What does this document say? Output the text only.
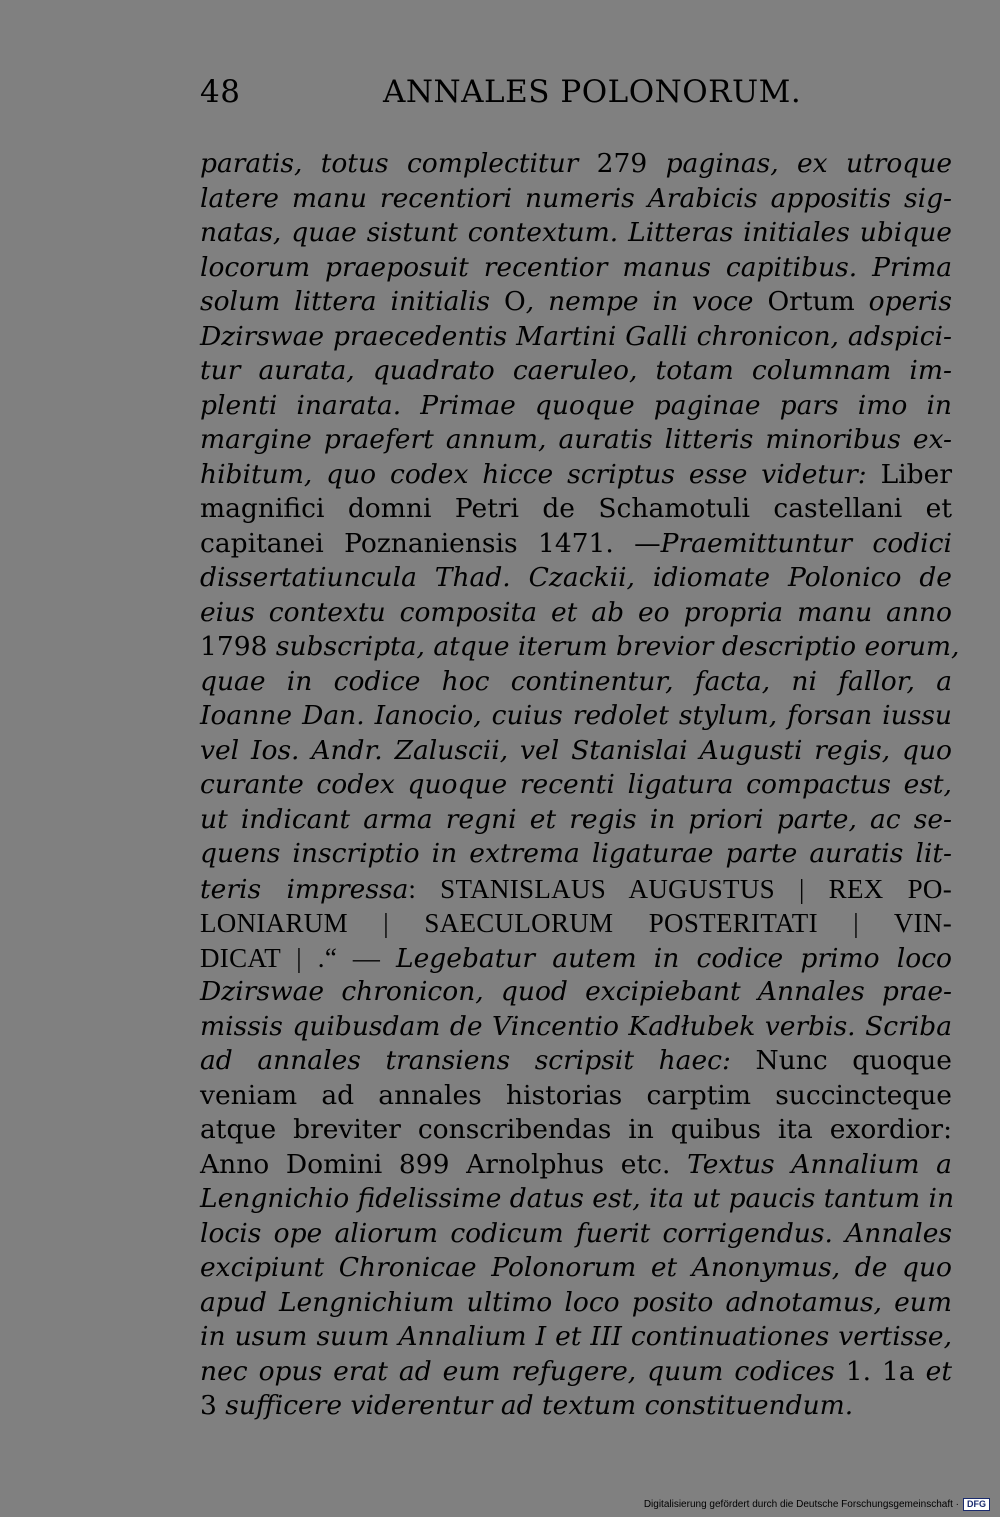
48	ANNALES POLONORUM.
paratis, totus complectitur 279 paginas, ex utroque
latere manu recentiori numeris Arabicis appositis sig-
natas, quae sistunt contextum. Litteras initiales ubique
locorum praeposuit recentior manus capitibus. Prima
solum littera initialis O, nempe in voce Ortum operis
Dzirswae praecedentis Martini Galli chronicon, adspici-
tur aurata, quadrato caeruleo, totam columnam im-
plenti inarata. Primae quoque paginae pars imo in
margine praefert annum, auratis litteris minoribus ex-
hibitum, quo codex hicce scriptus esse videtur: Liber
magnifici domni Petri de Schamotuli castellani et
capitanei Poznaniensis 1471. —Praemittuntur codici
dissertatiuncula Thad. Czackii, idiomate Polonico de
eius contextu composita et ab eo propria manu anno
1798 subscripta, atque iterum brevior descriptio eorum,
quae in codice hoc continentur, facta, ni fallor, a
Ioanne Dan. Ianocio, cuius redolet stylum, forsan iussu
vel Ios. Andr. Zaluscii, vel Stanislai Augusti regis, quo
curante codex quoque recenti ligatura compactus est,
ut indicant arma regni et regis in priori parte, ac se-
quens inscriptio in extrema ligaturae parte auratis lit-
teris impressa: STANISLAUS AUGUSTUS | REX PO-
LONIARUM | SAECULORUM POSTERITATI | VIN-
DICAT | .“ — Legebatur autem in codice primo loco
Dzirswae chronicon, quod excipiebant Annales prae-
missis quibusdam de Vincentio Kadłubek verbis. Scriba
ad annales transiens scripsit haec: Nunc quoque
veniam ad annales historias carptim succincteque
atque breviter conscribendas in quibus ita exordior:
Anno Domini 899 Arnolphus etc. Textus Annalium a
Lengnichio fidelissime datus est, ita ut paucis tantum in
locis ope aliorum codicum fuerit corrigendus. Annales
excipiunt Chronicae Polonorum et Anonymus, de quo
apud Lengnichium ultimo loco posito adnotamus, eum
in usum suum Annalium I et III continuationes vertisse,
nec opus erat ad eum refugere, quum codices 1. 1a et
3 sufficere viderentur ad textum constituendum.
Digitalisierung gefördert durch die Deutsche Forschungsgemeinschaft · DFG
